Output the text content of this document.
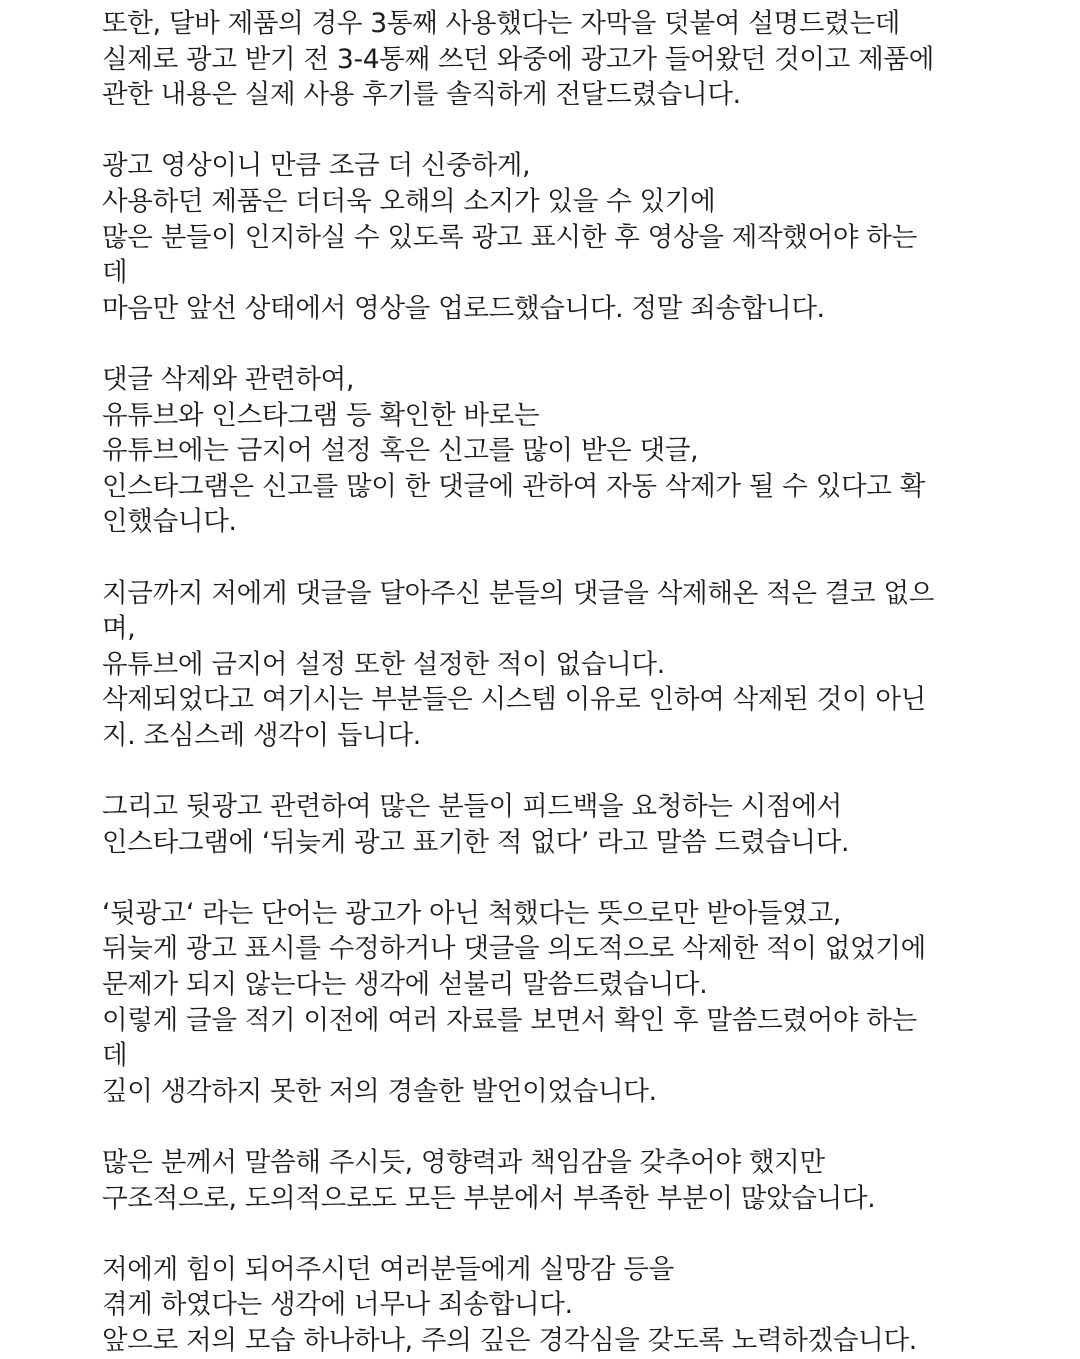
또한, 달바 제품의 경우 3통째 사용했다는 자막을 덧붙여 설명드렸는데
실제로 광고 받기 전 3-4통째 쓰던 와중에 광고가 들어왔던 것이고 제품에
관한 내용은 실제 사용 후기를 솔직하게 전달드렸습니다.
광고 영상이니 만큼 조금 더 신중하게,
사용하던 제품은 더더욱 오해의 소지가 있을 수 있기에
많은 분들이 인지하실 수 있도록 광고 표시한 후 영상을 제작했어야 하는
데
마음만 앞선 상태에서 영상을 업로드했습니다. 정말 죄송합니다.
댓글 삭제와 관련하여,
유튜브와 인스타그램 등 확인한 바로는
유튜브에는 금지어 설정 혹은 신고를 많이 받은 댓글,
인스타그램은 신고를 많이 한 댓글에 관하여 자동 삭제가 될 수 있다고 확
인했습니다.
지금까지 저에게 댓글을 달아주신 분들의 댓글을 삭제해온 적은 결코 없으
며,
유튜브에 금지어 설정 또한 설정한 적이 없습니다.
삭제되었다고 여기시는 부분들은 시스템 이유로 인하여 삭제된 것이 아닌
지. 조심스레 생각이 듭니다.
그리고 뒷광고 관련하여 많은 분들이 피드백을 요청하는 시점에서
인스타그램에 ‘뒤늦게 광고 표기한 적 없다’ 라고 말씀 드렸습니다.
‘뒷광고‘ 라는 단어는 광고가 아닌 척했다는 뜻으로만 받아들였고,
뒤늦게 광고 표시를 수정하거나 댓글을 의도적으로 삭제한 적이 없었기에
문제가 되지 않는다는 생각에 섣불리 말씀드렸습니다.
이렇게 글을 적기 이전에 여러 자료를 보면서 확인 후 말씀드렸어야 하는
데
깊이 생각하지 못한 저의 경솔한 발언이었습니다.
많은 분께서 말씀해 주시듯, 영향력과 책임감을 갖추어야 했지만
구조적으로, 도의적으로도 모든 부분에서 부족한 부분이 많았습니다.
저에게 힘이 되어주시던 여러분들에게 실망감 등을
겪게 하였다는 생각에 너무나 죄송합니다.
앞으로 저의 모습 하나하나, 주의 깊은 경각심을 갖도록 노력하겠습니다.
